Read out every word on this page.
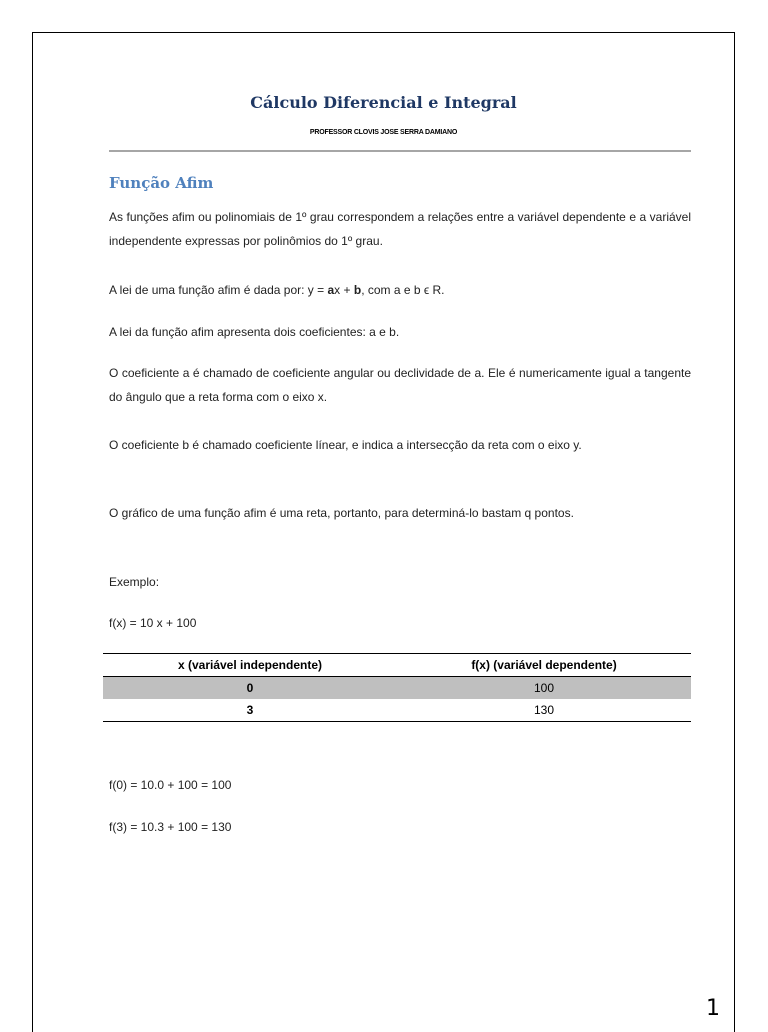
Cálculo Diferencial e Integral
PROFESSOR CLOVIS JOSE SERRA DAMIANO
Função Afim

As funções afim ou polinomiais de 1º grau correspondem a relações entre a variável dependente e a variável independente expressas por polinômios do 1º grau.

A lei de uma função afim é dada por: y = ax + b, com a e b ϵ R.

A lei da função afim apresenta dois coeficientes: a e b.

O coeficiente a é chamado de coeficiente angular ou declividade de a. Ele é numericamente igual a tangente do ângulo que a reta forma com o eixo x.

O coeficiente b é chamado coeficiente línear, e indica a intersecção da reta com o eixo y.

O gráfico de uma função afim é uma reta, portanto, para determiná-lo bastam q pontos.

Exemplo:

f(x) = 10 x + 100

x (variável independente)	f(x) (variável dependente)
0	100
3	130

f(0) = 10.0 + 100 = 100

f(3) = 10.3 + 100 = 130

1
